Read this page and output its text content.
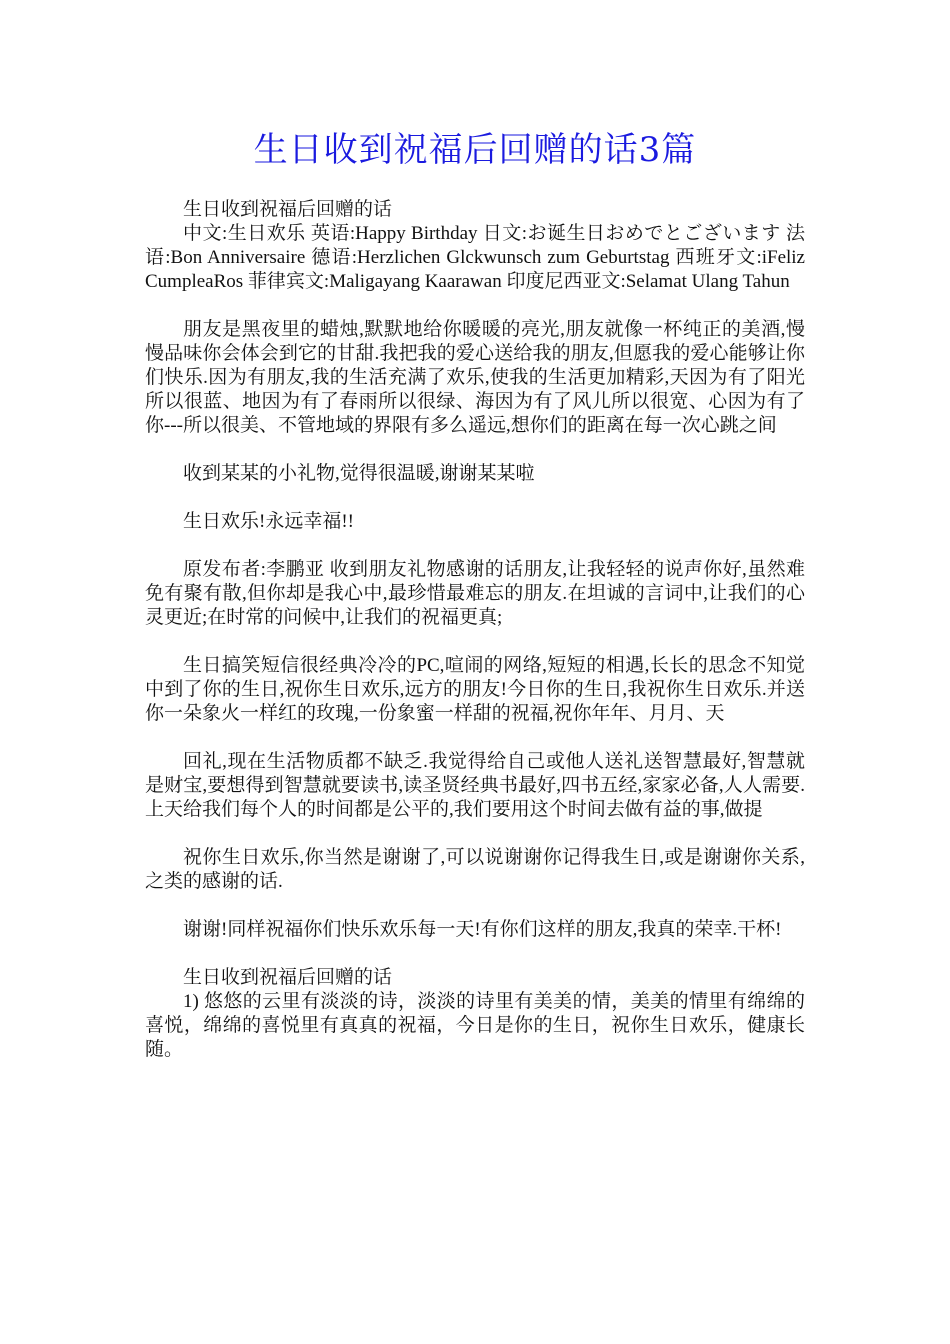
生日收到祝福后回赠的话3篇

生日收到祝福后回赠的话

中文:生日欢乐 英语:Happy Birthday 日文:お诞生日おめでとございます 法语:Bon Anniversaire 德语:Herzlichen Glckwunsch zum Geburtstag 西班牙文:iFeliz CumpleaRos 菲律宾文:Maligayang Kaarawan 印度尼西亚文:Selamat Ulang Tahun

朋友是黑夜里的蜡烛,默默地给你暖暖的亮光,朋友就像一杯纯正的美酒,慢慢品味你会体会到它的甘甜.我把我的爱心送给我的朋友,但愿我的爱心能够让你们快乐.因为有朋友,我的生活充满了欢乐,使我的生活更加精彩,天因为有了阳光所以很蓝、地因为有了春雨所以很绿、海因为有了风儿所以很宽、心因为有了你---所以很美、不管地域的界限有多么遥远,想你们的距离在每一次心跳之间

收到某某的小礼物,觉得很温暖,谢谢某某啦

生日欢乐!永远幸福!!

原发布者:李鹏亚 收到朋友礼物感谢的话朋友,让我轻轻的说声你好,虽然难免有聚有散,但你却是我心中,最珍惜最难忘的朋友.在坦诚的言词中,让我们的心灵更近;在时常的问候中,让我们的祝福更真;

生日搞笑短信很经典冷冷的PC,喧闹的网络,短短的相遇,长长的思念不知觉中到了你的生日,祝你生日欢乐,远方的朋友!今日你的生日,我祝你生日欢乐.并送你一朵象火一样红的玫瑰,一份象蜜一样甜的祝福,祝你年年、月月、天

回礼,现在生活物质都不缺乏.我觉得给自己或他人送礼送智慧最好,智慧就是财宝,要想得到智慧就要读书,读圣贤经典书最好,四书五经,家家必备,人人需要.上天给我们每个人的时间都是公平的,我们要用这个时间去做有益的事,做提

祝你生日欢乐,你当然是谢谢了,可以说谢谢你记得我生日,或是谢谢你关系,之类的感谢的话.

谢谢!同样祝福你们快乐欢乐每一天!有你们这样的朋友,我真的荣幸.干杯!

生日收到祝福后回赠的话

1) 悠悠的云里有淡淡的诗，淡淡的诗里有美美的情，美美的情里有绵绵的喜悦，绵绵的喜悦里有真真的祝福，今日是你的生日，祝你生日欢乐，健康长随。
